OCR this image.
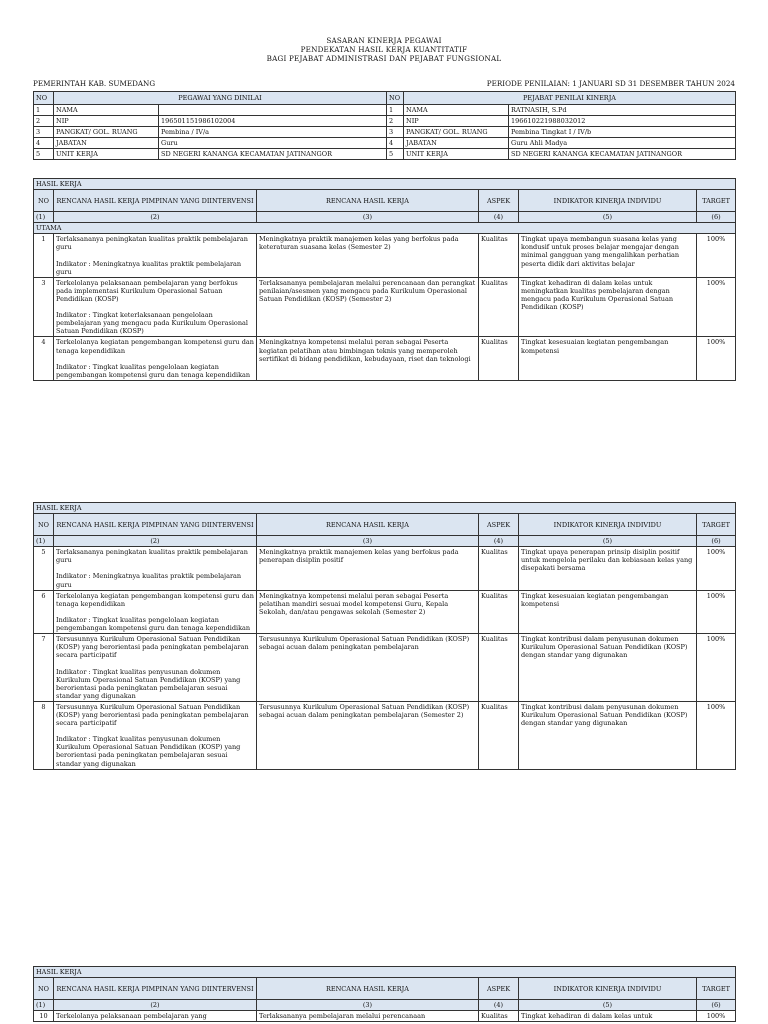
SASARAN KINERJA PEGAWAI
PENDEKATAN HASIL KERJA KUANTITATIF
BAGI PEJABAT ADMINISTRASI DAN PEJABAT FUNGSIONAL
PEMERINTAH KAB. SUMEDANG	PERIODE PENILAIAN: 1 JANUARI SD 31 DESEMBER TAHUN 2024
NO	PEGAWAI YANG DINILAI		NO	PEJABAT PENILAI KINERJA	
1	NAMA		1	NAMA	RATNASIH, S.Pd
2	NIP	196501151986102004	2	NIP	196610221988032012
3	PANGKAT/ GOL. RUANG	Pembina / IV/a	3	PANGKAT/ GOL. RUANG	Pembina Tingkat I / IV/b
4	JABATAN	Guru	4	JABATAN	Guru Ahli Madya
5	UNIT KERJA	SD NEGERI KANANGA KECAMATAN JATINANGOR	5	UNIT KERJA	SD NEGERI KANANGA KECAMATAN JATINANGOR
HASIL KERJA					
NO	RENCANA HASIL KERJA PIMPINAN YANG DIINTERVENSI	RENCANA HASIL KERJA	ASPEK	INDIKATOR KINERJA INDIVIDU	TARGET
(1)	(2)	(3)	(4)	(5)	(6)
UTAMA					
1	Terlaksananya peningkatan kualitas praktik pembelajaran guru

Indikator : Meningkatnya kualitas praktik pembelajaran guru	Meningkatnya praktik manajemen kelas yang berfokus pada keteraturan suasana kelas (Semester 2)	Kualitas	Tingkat upaya membangun suasana kelas yang kondusif untuk proses belajar mengajar dengan minimal gangguan yang mengalihkan perhatian peserta didik dari aktivitas belajar	100%
3	Terkelolanya pelaksanaan pembelajaran yang berfokus pada implementasi Kurikulum Operasional Satuan Pendidikan (KOSP)

Indikator : Tingkat keterlaksanaan pengelolaan pembelajaran yang mengacu pada Kurikulum Operasional Satuan Pendidikan (KOSP)	Terlaksananya pembelajaran melalui perencanaan dan perangkat penilaian/asesmen yang mengacu pada Kurikulum Operasional Satuan Pendidikan (KOSP) (Semester 2)	Kualitas	Tingkat kehadiran di dalam kelas untuk meningkatkan kualitas pembelajaran dengan mengacu pada Kurikulum Operasional Satuan Pendidikan (KOSP)	100%
4	Terkelolanya kegiatan pengembangan kompetensi guru dan tenaga kependidikan

Indikator : Tingkat kualitas pengelolaan kegiatan pengembangan kompetensi guru dan tenaga kependidikan	Meningkatnya kompetensi melalui peran sebagai Peserta kegiatan pelatihan atau bimbingan teknis yang memperoleh sertifikat di bidang pendidikan, kebudayaan, riset dan teknologi	Kualitas	Tingkat kesesuaian kegiatan pengembangan kompetensi	100%
HASIL KERJA					
NO	RENCANA HASIL KERJA PIMPINAN YANG DIINTERVENSI	RENCANA HASIL KERJA	ASPEK	INDIKATOR KINERJA INDIVIDU	TARGET
(1)	(2)	(3)	(4)	(5)	(6)
5	Terlaksananya peningkatan kualitas praktik pembelajaran guru

Indikator : Meningkatnya kualitas praktik pembelajaran guru	Meningkatnya praktik manajemen kelas yang berfokus pada penerapan disiplin positif	Kualitas	Tingkat upaya penerapan prinsip disiplin positif untuk mengelola perilaku dan kebiasaan kelas yang disepakati bersama	100%
6	Terkelolanya kegiatan pengembangan kompetensi guru dan tenaga kependidikan

Indikator : Tingkat kualitas pengelolaan kegiatan pengembangan kompetensi guru dan tenaga kependidikan	Meningkatnya kompetensi melalui peran sebagai Peserta pelatihan mandiri sesuai model kompetensi Guru, Kepala Sekolah, dan/atau pengawas sekolah (Semester 2)	Kualitas	Tingkat kesesuaian kegiatan pengembangan kompetensi	100%
7	Tersusunnya Kurikulum Operasional Satuan Pendidikan (KOSP) yang berorientasi pada peningkatan pembelajaran secara participatif

Indikator : Tingkat kualitas penyusunan dokumen Kurikulum Operasional Satuan Pendidikan (KOSP) yang berorientasi pada peningkatan pembelajaran sesuai standar yang digunakan	Tersusunnya Kurikulum Operasional Satuan Pendidikan (KOSP) sebagai acuan dalam peningkatan pembelajaran	Kualitas	Tingkat kontribusi dalam penyusunan dokumen Kurikulum Operasional Satuan Pendidikan (KOSP) dengan standar yang digunakan	100%
8	Tersusunnya Kurikulum Operasional Satuan Pendidikan (KOSP) yang berorientasi pada peningkatan pembelajaran secara participatif

Indikator : Tingkat kualitas penyusunan dokumen Kurikulum Operasional Satuan Pendidikan (KOSP) yang berorientasi pada peningkatan pembelajaran sesuai standar yang digunakan	Tersusunnya Kurikulum Operasional Satuan Pendidikan (KOSP) sebagai acuan dalam peningkatan pembelajaran (Semester 2)	Kualitas	Tingkat kontribusi dalam penyusunan dokumen Kurikulum Operasional Satuan Pendidikan (KOSP) dengan standar yang digunakan	100%
HASIL KERJA					
NO	RENCANA HASIL KERJA PIMPINAN YANG DIINTERVENSI	RENCANA HASIL KERJA	ASPEK	INDIKATOR KINERJA INDIVIDU	TARGET
(1)	(2)	(3)	(4)	(5)	(6)
10	Terkelolanya pelaksanaan pembelajaran yang	Terlaksananya pembelajaran melalui perencanaan	Kualitas	Tingkat kehadiran di dalam kelas untuk	100%
